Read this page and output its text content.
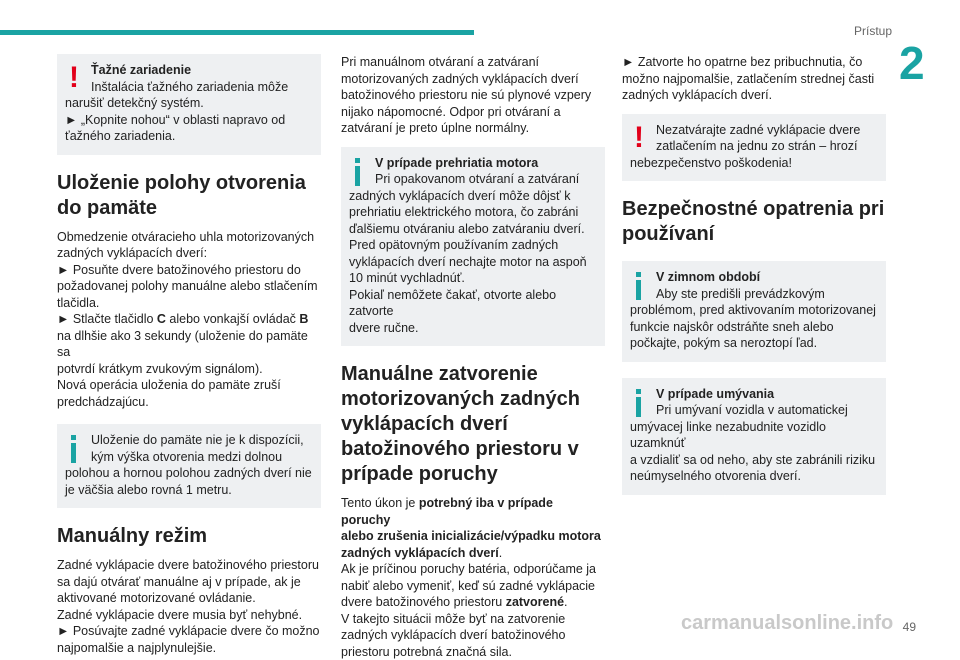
Prístup
2
! Ťažné zariadenie
Inštalácia ťažného zariadenia môže
narušiť detekčný systém.
► „Kopnite nohou“ v oblasti napravo od
ťažného zariadenia.
Uloženie polohy otvorenia
do pamäte

Obmedzenie otváracieho uhla motorizovaných
zadných vyklápacích dverí:
► Posuňte dvere batožinového priestoru do
požadovanej polohy manuálne alebo stlačením
tlačidla.
► Stlačte tlačidlo C alebo vonkajší ovládač B
na dlhšie ako 3 sekundy (uloženie do pamäte sa
potvrdí krátkym zvukovým signálom).
Nová operácia uloženia do pamäte zruší
predchádzajúcu.

Uloženie do pamäte nie je k dispozícii,
kým výška otvorenia medzi dolnou
polohou a hornou polohou zadných dverí nie
je väčšia alebo rovná 1 metru.
Manuálny režim

Zadné vyklápacie dvere batožinového priestoru
sa dajú otvárať manuálne aj v prípade, ak je
aktivované motorizované ovládanie.
Zadné vyklápacie dvere musia byť nehybné.
► Posúvajte zadné vyklápacie dvere čo možno
najpomalšie a najplynulejšie.

Pri manuálnom otváraní a zatváraní
motorizovaných zadných vyklápacích dverí
batožinového priestoru nie sú plynové vzpery
nijako nápomocné. Odpor pri otváraní a
zatváraní je preto úplne normálny.

V prípade prehriatia motora
Pri opakovanom otváraní a zatváraní
zadných vyklápacích dverí môže dôjsť k
prehriatiu elektrického motora, čo zabráni
ďalšiemu otváraniu alebo zatváraniu dverí.
Pred opätovným používaním zadných
vyklápacích dverí nechajte motor na aspoň
10 minút vychladnúť.
Pokiaľ nemôžete čakať, otvorte alebo zatvorte
dvere ručne.
Manuálne zatvorenie
motorizovaných zadných
vyklápacích dverí
batožinového priestoru v
prípade poruchy

Tento úkon je potrebný iba v prípade poruchy
alebo zrušenia inicializácie/výpadku motora
zadných vyklápacích dverí.
Ak je príčinou poruchy batéria, odporúčame ja
nabiť alebo vymeniť, keď sú zadné vyklápacie
dvere batožinového priestoru zatvorené.
V takejto situácii môže byť na zatvorenie
zadných vyklápacích dverí batožinového
priestoru potrebná značná sila.

► Zatvorte ho opatrne bez pribuchnutia, čo
možno najpomalšie, zatlačením strednej časti
zadných vyklápacích dverí.

! Nezatvárajte zadné vyklápacie dvere
zatlačením na jednu zo strán – hrozí
nebezpečenstvo poškodenia!
Bezpečnostné opatrenia pri
používaní
V zimnom období
Aby ste predišli prevádzkovým
problémom, pred aktivovaním motorizovanej
funkcie najskôr odstráňte sneh alebo
počkajte, pokým sa neroztopí ľad.
V prípade umývania
Pri umývaní vozidla v automatickej
umývacej linke nezabudnite vozidlo uzamknúť
a vzdialiť sa od neho, aby ste zabránili riziku
neúmyselného otvorenia dverí.
49
carmanualsonline.info
